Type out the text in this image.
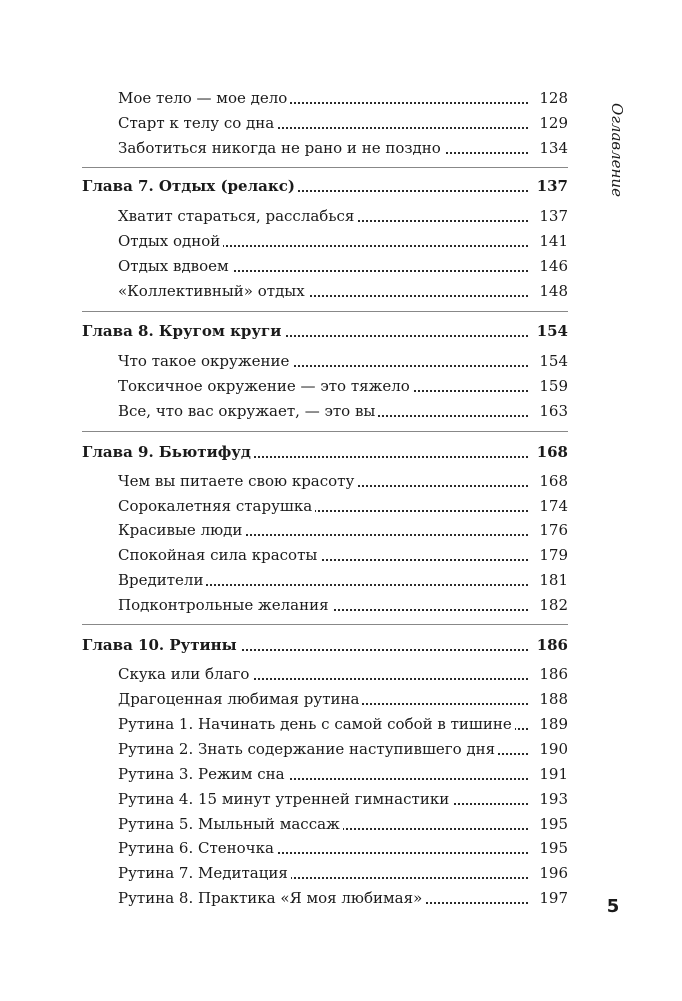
Мое тело — мое дело	128
Старт к телу со дна	129
Заботиться никогда не рано и не поздно	134
Глава 7. Отдых (релакс)	137
Хватит стараться, расслабься	137
Отдых одной	141
Отдых вдвоем	146
«Коллективный» отдых	148
Глава 8. Кругом круги	154
Что такое окружение	154
Токсичное окружение — это тяжело	159
Все, что вас окружает, — это вы	163
Глава 9. Бьютифуд	168
Чем вы питаете свою красоту	168
Сорокалетняя старушка	174
Красивые люди	176
Спокойная сила красоты	179
Вредители	181
Подконтрольные желания	182
Глава 10. Рутины	186
Скука или благо	186
Драгоценная любимая рутина	188
Рутина 1. Начинать день с самой собой в тишине	189
Рутина 2. Знать содержание наступившего дня	190
Рутина 3. Режим сна	191
Рутина 4. 15 минут утренней гимнастики	193
Рутина 5. Мыльный массаж	195
Рутина 6. Стеночка	195
Рутина 7. Медитация	196
Рутина 8. Практика «Я моя любимая»	197
Оглавление
5
